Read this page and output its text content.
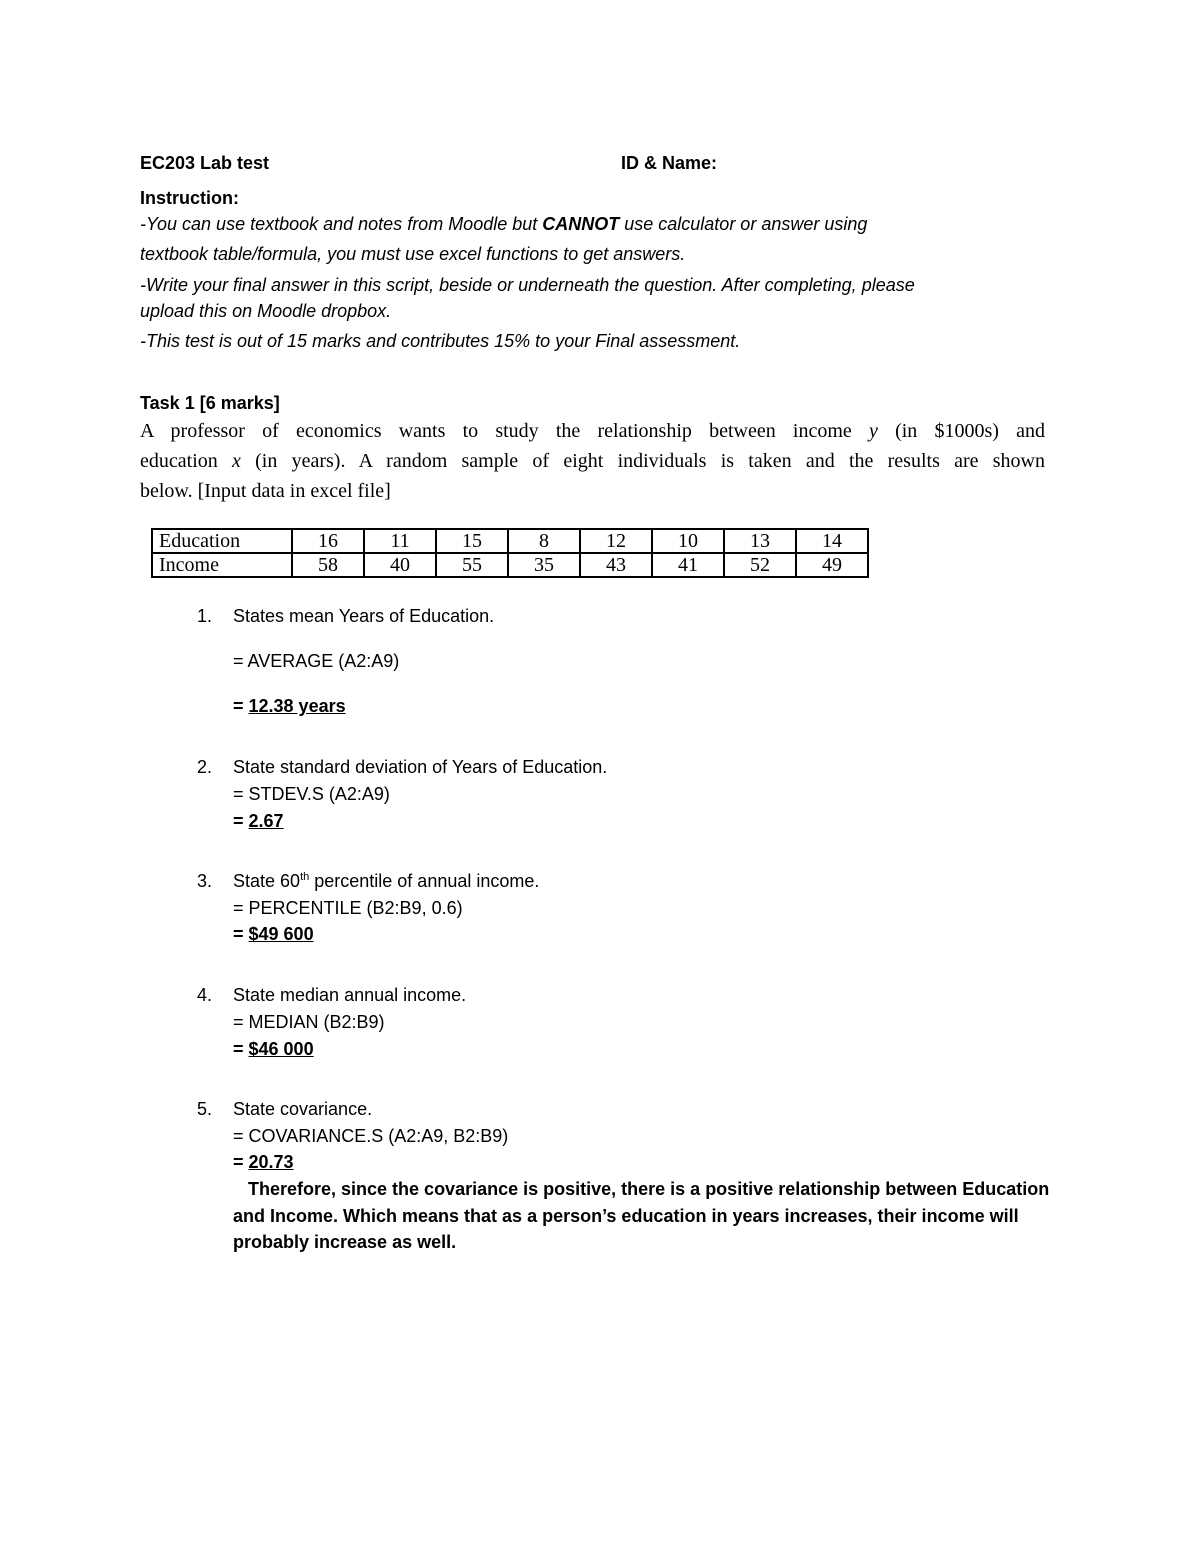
EC203 Lab test	ID & Name:
Instruction:
-You can use textbook and notes from Moodle but CANNOT use calculator or answer using
textbook table/formula, you must use excel functions to get answers.
-Write your final answer in this script, beside or underneath the question. After completing, please
upload this on Moodle dropbox.
-This test is out of 15 marks and contributes 15% to your Final assessment.
Task 1 [6 marks]
A professor of economics wants to study the relationship between income y (in $1000s) and
education x (in years). A random sample of eight individuals is taken and the results are shown
below. [Input data in excel file]
Education	16	11	15	8	12	10	13	14
Income	58	40	55	35	43	41	52	49
1. States mean Years of Education.
= AVERAGE (A2:A9)
= 12.38 years
2. State standard deviation of Years of Education.
= STDEV.S (A2:A9)
= 2.67
3. State 60th percentile of annual income.
= PERCENTILE (B2:B9, 0.6)
= $49 600
4. State median annual income.
= MEDIAN (B2:B9)
= $46 000
5. State covariance.
= COVARIANCE.S (A2:A9, B2:B9)
= 20.73
Therefore, since the covariance is positive, there is a positive relationship between Education and Income. Which means that as a person’s education in years increases, their income will probably increase as well.
